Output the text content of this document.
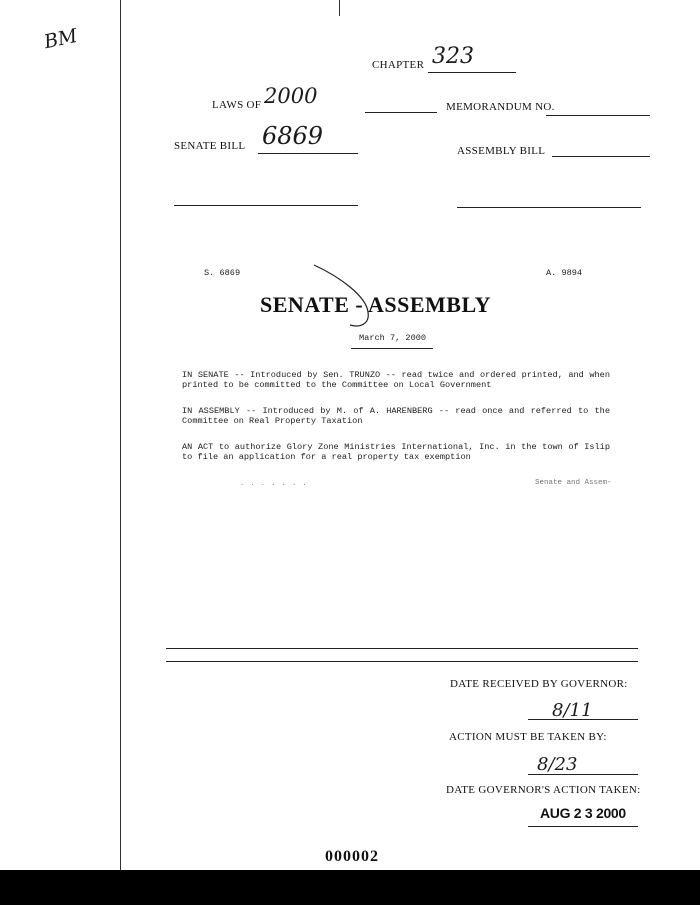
BM
CHAPTER 323
LAWS OF 2000	MEMORANDUM NO.
SENATE BILL 6869
ASSEMBLY BILL
S. 6869	A. 9894
SENATE - ASSEMBLY
March 7, 2000
IN SENATE -- Introduced by Sen. TRUNZO -- read twice and ordered printed, and when printed to be committed to the Committee on Local Government
IN ASSEMBLY -- Introduced by M. of A. HARENBERG -- read once and referred to the Committee on Real Property Taxation
AN ACT to authorize Glory Zone Ministries International, Inc. in the town of Islip to file an application for a real property tax exemption
. . . . . . .	Senate and Assem-
DATE RECEIVED BY GOVERNOR:
8/11
ACTION MUST BE TAKEN BY:
8/23
DATE GOVERNOR'S ACTION TAKEN:
AUG 2 3 2000
000002
